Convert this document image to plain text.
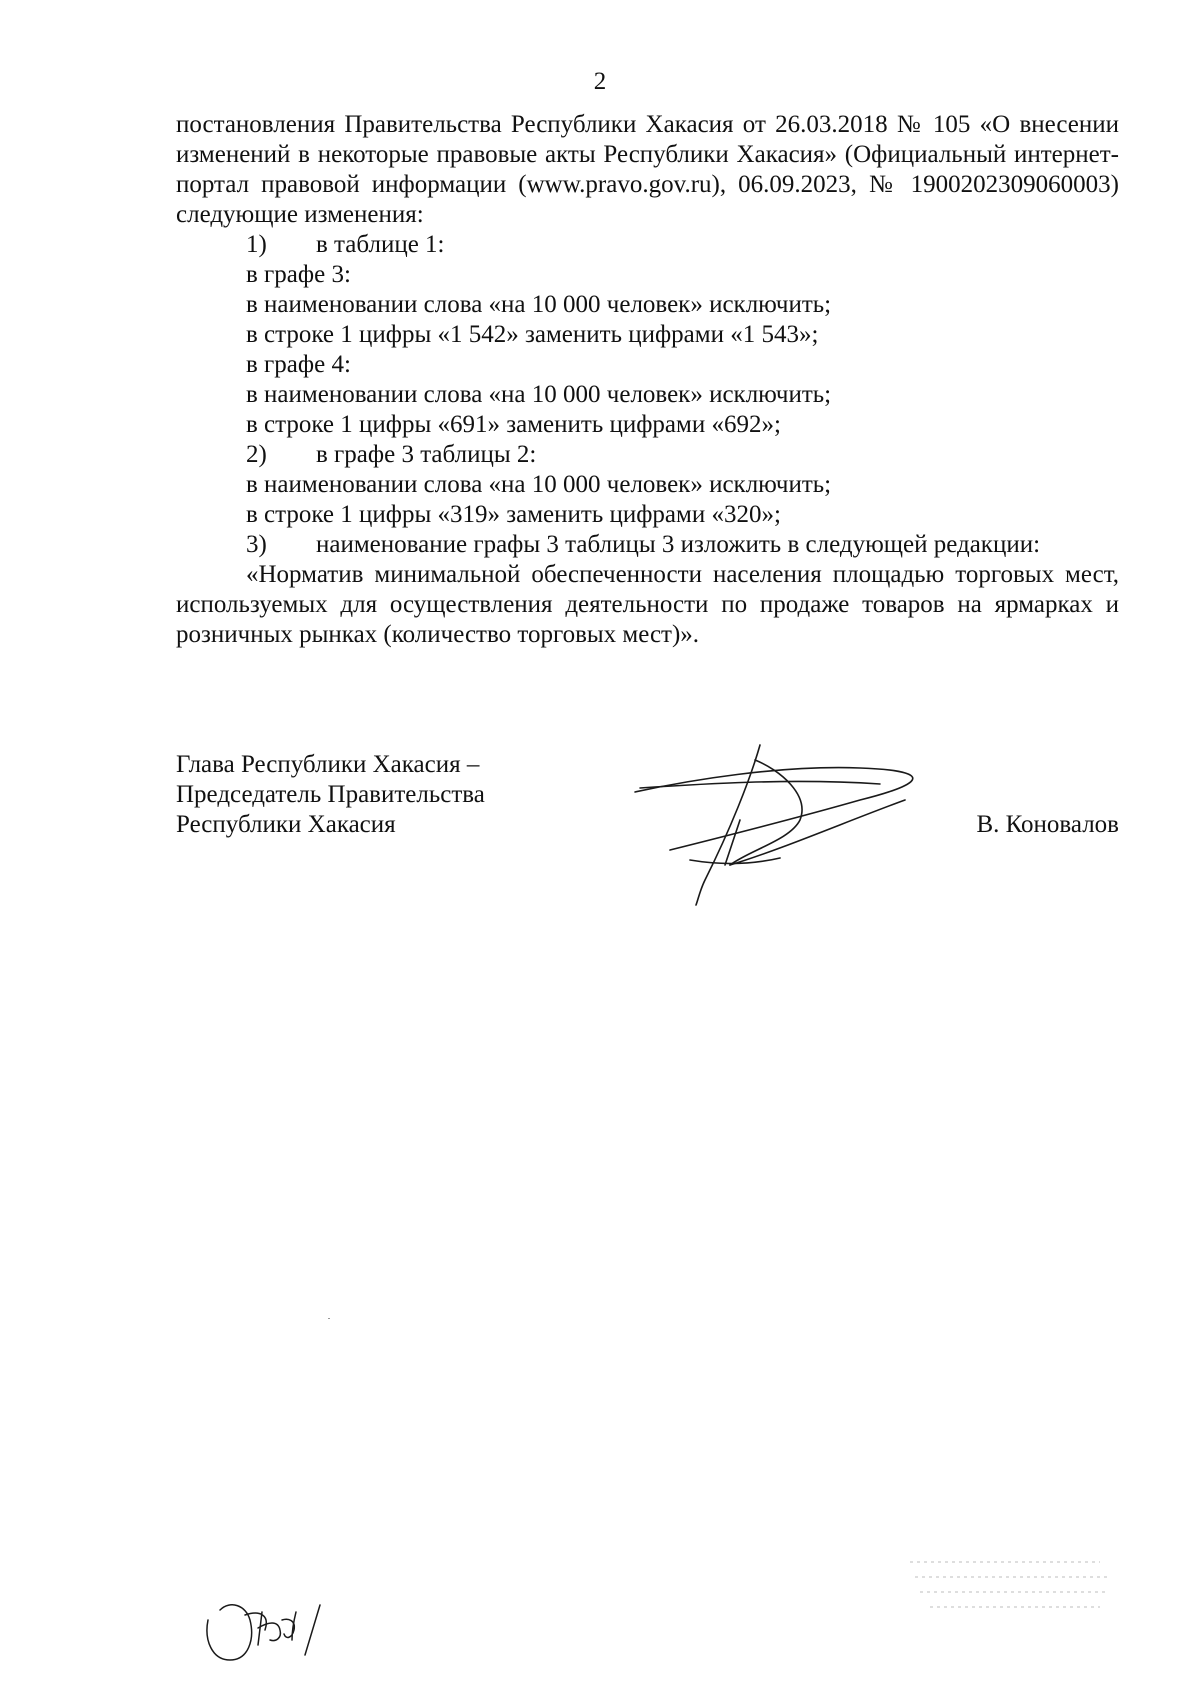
2

постановления Правительства Республики Хакасия от 26.03.2018 № 105 «О внесении изменений в некоторые правовые акты Республики Хакасия» (Официальный интернет-портал правовой информации (www.pravo.gov.ru), 06.09.2023, № 1900202309060003) следующие изменения:

1) в таблице 1:
в графе 3:
в наименовании слова «на 10 000 человек» исключить;
в строке 1 цифры «1 542» заменить цифрами «1 543»;
в графе 4:
в наименовании слова «на 10 000 человек» исключить;
в строке 1 цифры «691» заменить цифрами «692»;
2) в графе 3 таблицы 2:
в наименовании слова «на 10 000 человек» исключить;
в строке 1 цифры «319» заменить цифрами «320»;
3) наименование графы 3 таблицы 3 изложить в следующей редакции:

«Норматив минимальной обеспеченности населения площадью торговых мест, используемых для осуществления деятельности по продаже товаров на ярмарках и розничных рынках (количество торговых мест)».

Глава Республики Хакасия –
Председатель Правительства
Республики Хакасия	В. Коновалов
